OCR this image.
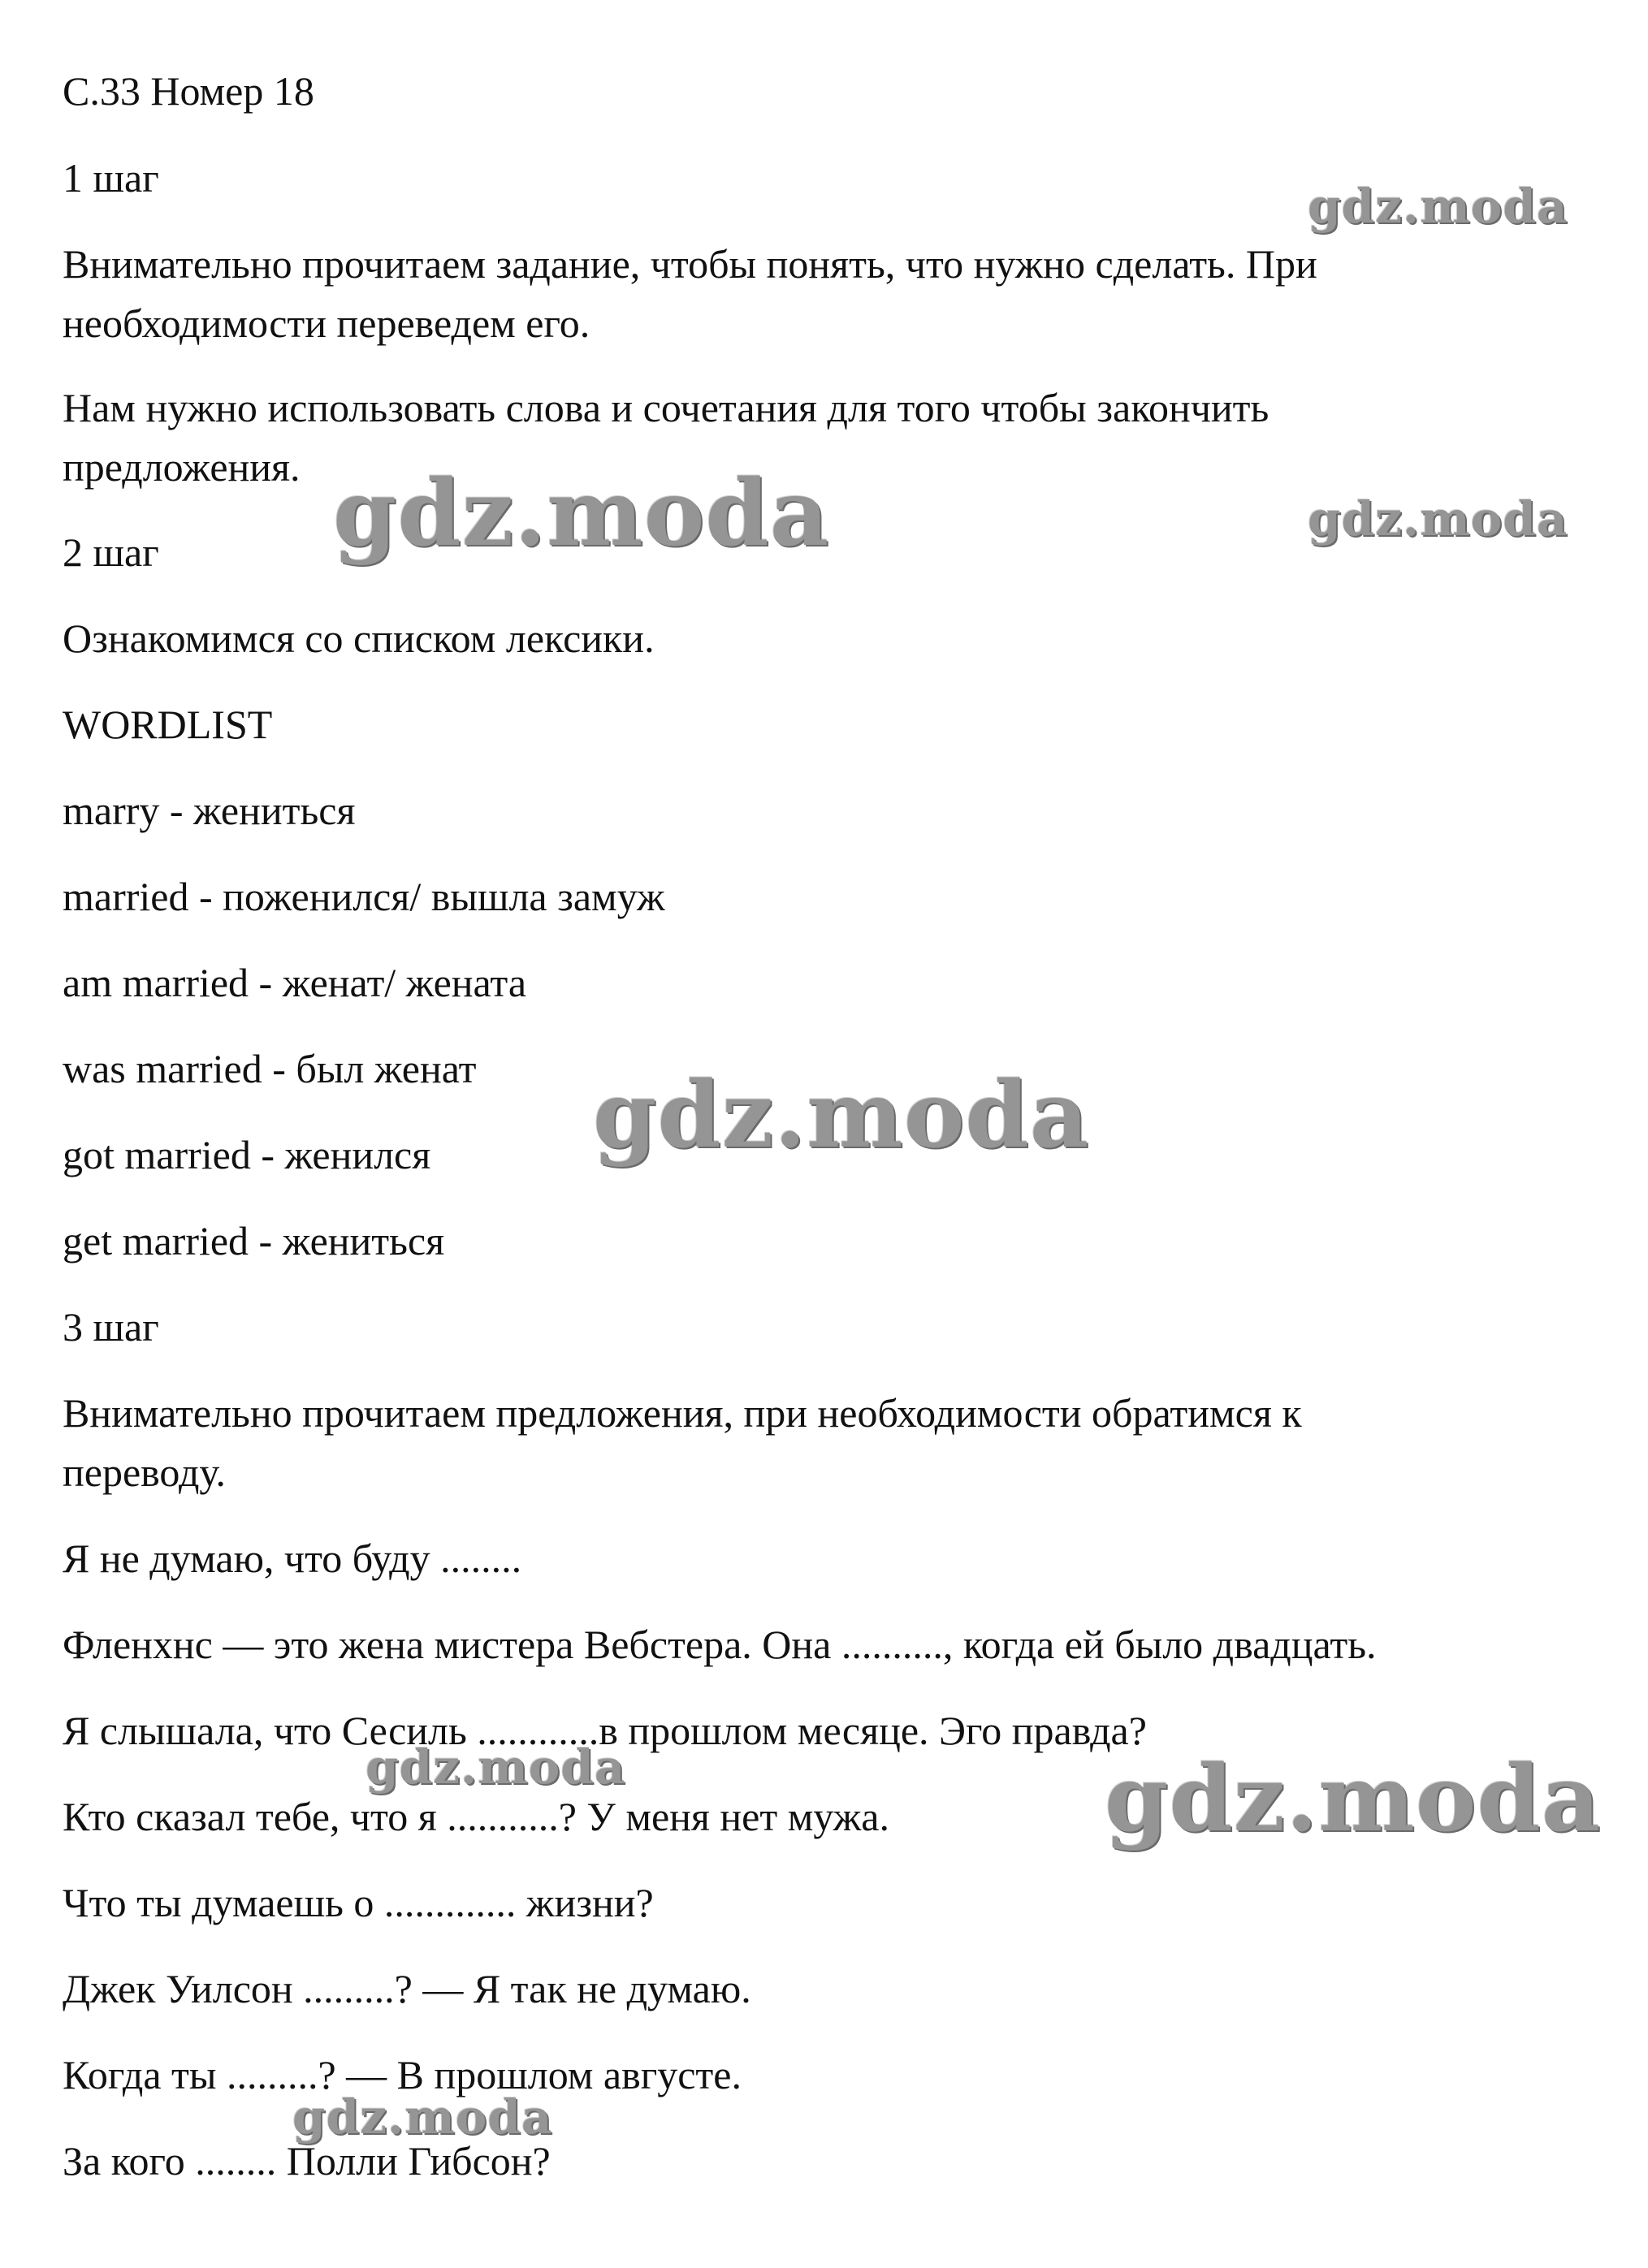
С.33 Номер 18
1 шаг
Внимательно прочитаем задание, чтобы понять, что нужно сделать. При
необходимости переведем его.
Нам нужно использовать слова и сочетания для того чтобы закончить
предложения.
2 шаг
Ознакомимся со списком лексики.
WORDLIST
marry - жениться
married - поженился/ вышла замуж
am married - женат/ жената
was married - был женат
got married - женился
get married - жениться
3 шаг
Внимательно прочитаем предложения, при необходимости обратимся к
переводу.
Я не думаю, что буду ........
Фленхнс — это жена мистера Вебстера. Она .........., когда ей было двадцать.
Я слышала, что Сесиль ............в прошлом месяце. Эго правда?
Кто сказал тебе, что я ...........? У меня нет мужа.
Что ты думаешь о ............. жизни?
Джек Уилсон .........? — Я так не думаю.
Когда ты .........? — В прошлом августе.
За кого ........ Полли Гибсон?
gdz.moda
gdz.moda	gdz.moda
gdz.moda
gdz.moda	gdz.moda
gdz.moda
